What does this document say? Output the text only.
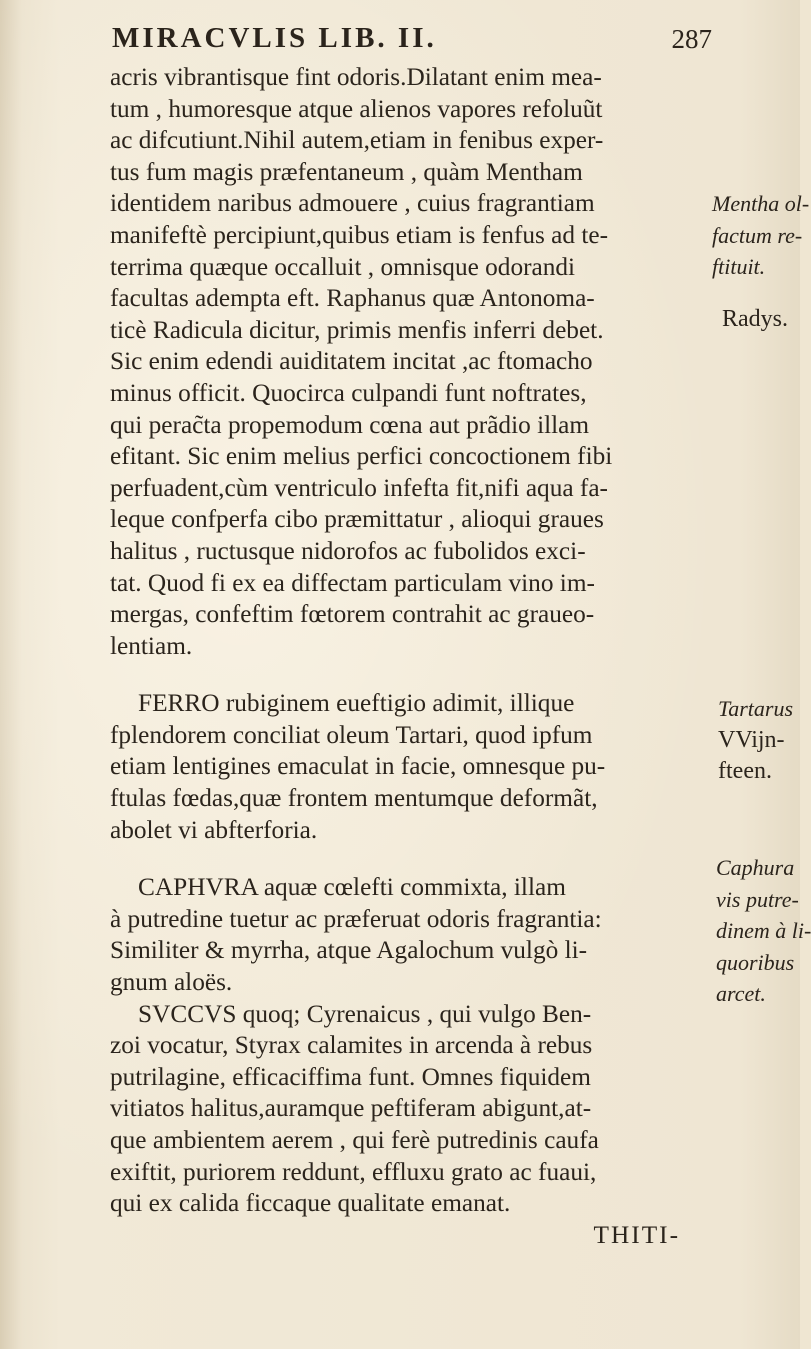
MIRACVLIS LIB. II.	287
acris vibrantisque fint odoris.Dilatant enim mea-
tum , humoresque atque alienos vapores refoluũt
ac difcutiunt.Nihil autem,etiam in fenibus exper-
tus fum magis præfentaneum , quàm Mentham
identidem naribus admouere , cuius fragrantiam
manifeftè percipiunt,quibus etiam is fenfus ad te-
terrima quæque occalluit , omnisque odorandi
facultas adempta eft. Raphanus quæ Antonoma-
ticè Radicula dicitur, primis menfis inferri debet.
Sic enim edendi auiditatem incitat ,ac ftomacho
minus officit. Quocirca culpandi funt noftrates,
qui perac̃ta propemodum cœna aut prãdio illam
efitant. Sic enim melius perfici concoctionem fibi
perfuadent,cùm ventriculo infefta fit,nifi aqua fa-
leque confperfa cibo præmittatur , alioqui graues
halitus , ructusque nidorofos ac fubolidos exci-
tat. Quod fi ex ea diffectam particulam vino im-
mergas, confeftim fœtorem contrahit ac graueo-
lentiam.
FERRO rubiginem eueftigio adimit, illique
fplendorem conciliat oleum Tartari, quod ipfum
etiam lentigines emaculat in facie, omnesque pu-
ftulas fœdas,quæ frontem mentumque deformãt,
abolet vi abfterforia.
CAPHVRA aquæ cœlefti commixta, illam
à putredine tuetur ac præferuat odoris fragrantia:
Similiter & myrrha, atque Agalochum vulgò li-
gnum aloës.
SVCCVS quoq; Cyrenaicus , qui vulgo Ben-
zoi vocatur, Styrax calamites in arcenda à rebus
putrilagine, efficaciffima funt. Omnes fiquidem
vitiatos halitus,auramque peftiferam abigunt,at-
que ambientem aerem , qui ferè putredinis caufa
exiftit, puriorem reddunt, effluxu grato ac fuaui,
qui ex calida ficcaque qualitate emanat.
THITI-
Mentha ol-
factum re-
ftituit.
Radys.
Tartarus
VVijn-
fteen.
Caphura
vis putre-
dinem à li-
quoribus
arcet.
